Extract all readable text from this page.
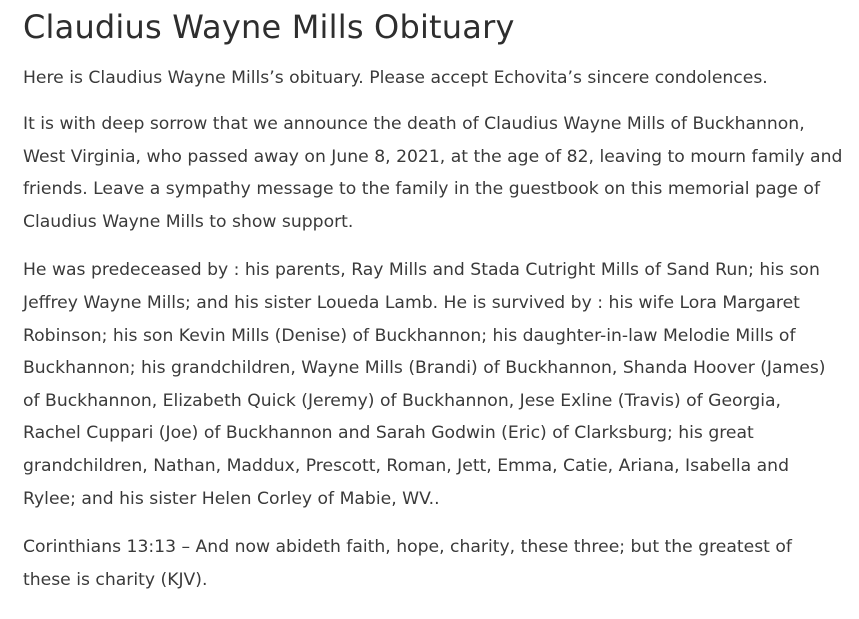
Claudius Wayne Mills Obituary

Here is Claudius Wayne Mills’s obituary. Please accept Echovita’s sincere condolences.

It is with deep sorrow that we announce the death of Claudius Wayne Mills of Buckhannon, West Virginia, who passed away on June 8, 2021, at the age of 82, leaving to mourn family and friends. Leave a sympathy message to the family in the guestbook on this memorial page of Claudius Wayne Mills to show support.

He was predeceased by : his parents, Ray Mills and Stada Cutright Mills of Sand Run; his son Jeffrey Wayne Mills; and his sister Loueda Lamb. He is survived by : his wife Lora Margaret Robinson; his son Kevin Mills (Denise) of Buckhannon; his daughter-in-law Melodie Mills of Buckhannon; his grandchildren, Wayne Mills (Brandi) of Buckhannon, Shanda Hoover (James) of Buckhannon, Elizabeth Quick (Jeremy) of Buckhannon, Jese Exline (Travis) of Georgia, Rachel Cuppari (Joe) of Buckhannon and Sarah Godwin (Eric) of Clarksburg; his great grandchildren, Nathan, Maddux, Prescott, Roman, Jett, Emma, Catie, Ariana, Isabella and Rylee; and his sister Helen Corley of Mabie, WV..

Corinthians 13:13 – And now abideth faith, hope, charity, these three; but the greatest of these is charity (KJV).
